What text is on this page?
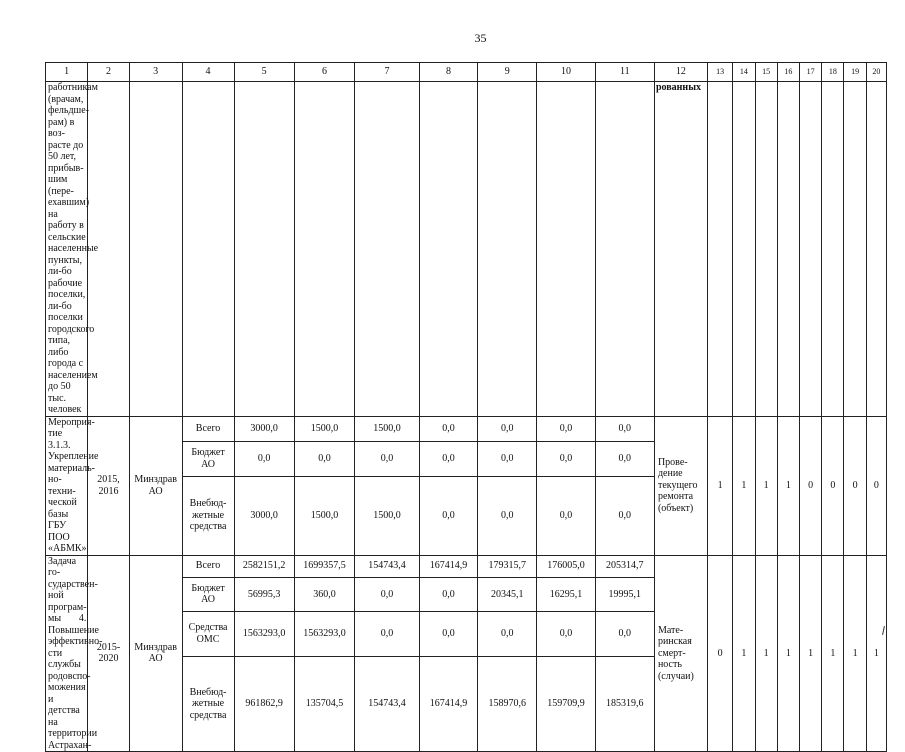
35
1	2	3	4	5	6	7	8	9	10	11	12	13	14	15	16	17	18	19	20
работникам (врачам, фельдше-рам) в воз-расте до 50 лет, прибыв-шим (пере-ехавшим) на работу в сельские населенные пункты, ли-бо рабочие поселки, ли-бо поселки городского типа, либо города с населением до 50 тыс. человек											рованных								
Мероприя-тие 3.1.3. Укрепление материаль-но-техни-ческой базы ГБУ ПОО «АБМК»	2015, 2016	Минздрав АО	Всего	3000,0	1500,0	1500,0	0,0	0,0	0,0	0,0	Прове-дение текущего ремонта (объект)	1	1	1	1	0	0	0	0
			Бюджет АО	0,0	0,0	0,0	0,0	0,0	0,0	0,0									
			Внебюд-жетные средства	3000,0	1500,0	1500,0	0,0	0,0	0,0	0,0									
Задача го-сударствен-ной програм-мы 4. Повышение эффективно-сти службы родовспо-можения и детства на территории Астрахан-	2015-2020	Минздрав АО	Всего	2582151,2	1699357,5	154743,4	167414,9	179315,7	176005,0	205314,7	Мате-ринская смерт-ность (случаи)	0	1	1	1	1	1	1	1
			Бюджет АО	56995,3	360,0	0,0	0,0	20345,1	16295,1	19995,1									
			Средства ОМС	1563293,0	1563293,0	0,0	0,0	0,0	0,0	0,0									
			Внебюд-жетные средства	961862,9	135704,5	154743,4	167414,9	158970,6	159709,9	185319,6									
